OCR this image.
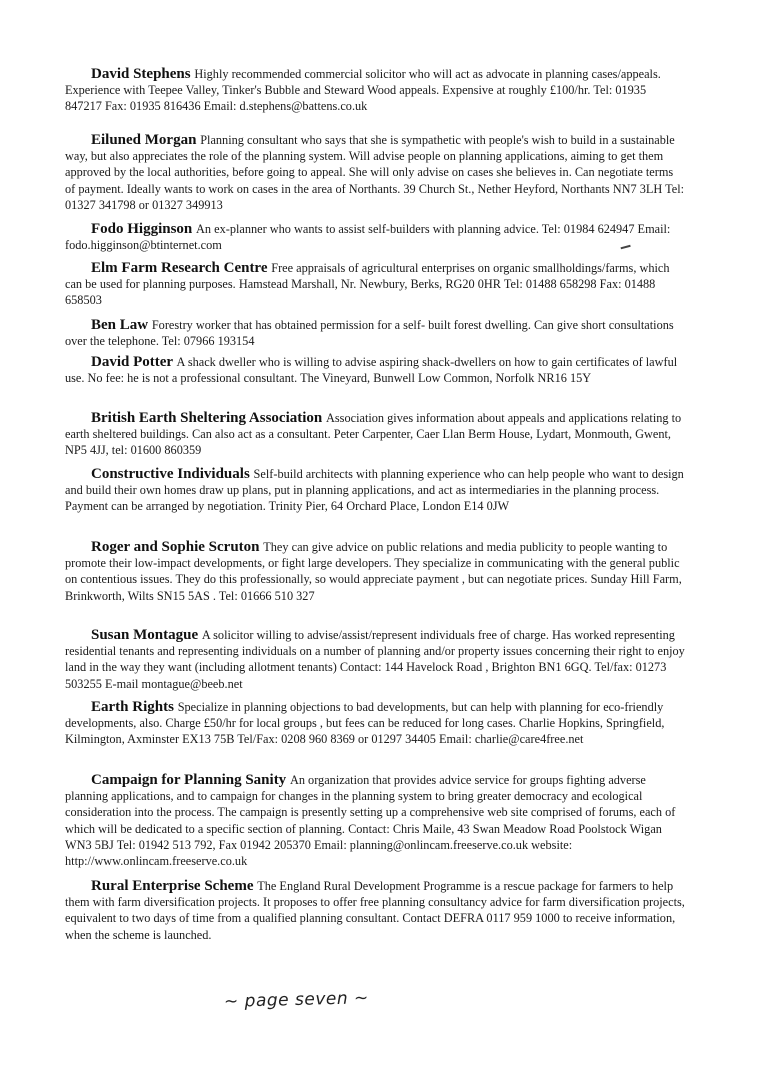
David Stephens Highly recommended commercial solicitor who will act as advocate in planning cases/appeals. Experience with Teepee Valley, Tinker's Bubble and Steward Wood appeals. Expensive at roughly £100/hr. Tel: 01935 847217 Fax: 01935 816436 Email: d.stephens@battens.co.uk
Eiluned Morgan Planning consultant who says that she is sympathetic with people's wish to build in a sustainable way, but also appreciates the role of the planning system. Will advise people on planning applications, aiming to get them approved by the local authorities, before going to appeal. She will only advise on cases she believes in. Can negotiate terms of payment. Ideally wants to work on cases in the area of Northants. 39 Church St., Nether Heyford, Northants NN7 3LH Tel: 01327 341798 or 01327 349913
Fodo Higginson An ex-planner who wants to assist self-builders with planning advice. Tel: 01984 624947 Email: fodo.higginson@btinternet.com
Elm Farm Research Centre Free appraisals of agricultural enterprises on organic smallholdings/farms, which can be used for planning purposes. Hamstead Marshall, Nr. Newbury, Berks, RG20 0HR Tel: 01488 658298 Fax: 01488 658503
Ben Law Forestry worker that has obtained permission for a self- built forest dwelling. Can give short consultations over the telephone. Tel: 07966 193154
David Potter A shack dweller who is willing to advise aspiring shack-dwellers on how to gain certificates of lawful use. No fee: he is not a professional consultant. The Vineyard, Bunwell Low Common, Norfolk NR16 15Y
British Earth Sheltering Association Association gives information about appeals and applications relating to earth sheltered buildings. Can also act as a consultant. Peter Carpenter, Caer Llan Berm House, Lydart, Monmouth, Gwent, NP5 4JJ, tel: 01600 860359
Constructive Individuals Self-build architects with planning experience who can help people who want to design and build their own homes draw up plans, put in planning applications, and act as intermediaries in the planning process. Payment can be arranged by negotiation. Trinity Pier, 64 Orchard Place, London E14 0JW
Roger and Sophie Scruton They can give advice on public relations and media publicity to people wanting to promote their low-impact developments, or fight large developers. They specialize in communicating with the general public on contentious issues. They do this professionally, so would appreciate payment , but can negotiate prices. Sunday Hill Farm, Brinkworth, Wilts SN15 5AS . Tel: 01666 510 327
Susan Montague A solicitor willing to advise/assist/represent individuals free of charge. Has worked representing residential tenants and representing individuals on a number of planning and/or property issues concerning their right to enjoy land in the way they want (including allotment tenants) Contact: 144 Havelock Road , Brighton BN1 6GQ. Tel/fax: 01273 503255 E-mail montague@beeb.net
Earth Rights Specialize in planning objections to bad developments, but can help with planning for eco-friendly developments, also. Charge £50/hr for local groups , but fees can be reduced for long cases. Charlie Hopkins, Springfield, Kilmington, Axminster EX13 75B Tel/Fax: 0208 960 8369 or 01297 34405 Email: charlie@care4free.net
Campaign for Planning Sanity An organization that provides advice service for groups fighting adverse planning applications, and to campaign for changes in the planning system to bring greater democracy and ecological consideration into the process. The campaign is presently setting up a comprehensive web site comprised of forums, each of which will be dedicated to a specific section of planning. Contact: Chris Maile, 43 Swan Meadow Road Poolstock Wigan WN3 5BJ Tel: 01942 513 792, Fax 01942 205370 Email: planning@onlincam.freeserve.co.uk website: http://www.onlincam.freeserve.co.uk
Rural Enterprise Scheme The England Rural Development Programme is a rescue package for farmers to help them with farm diversification projects. It proposes to offer free planning consultancy advice for farm diversification projects, equivalent to two days of time from a qualified planning consultant. Contact DEFRA 0117 959 1000 to receive information, when the scheme is launched.
~ page seven ~
